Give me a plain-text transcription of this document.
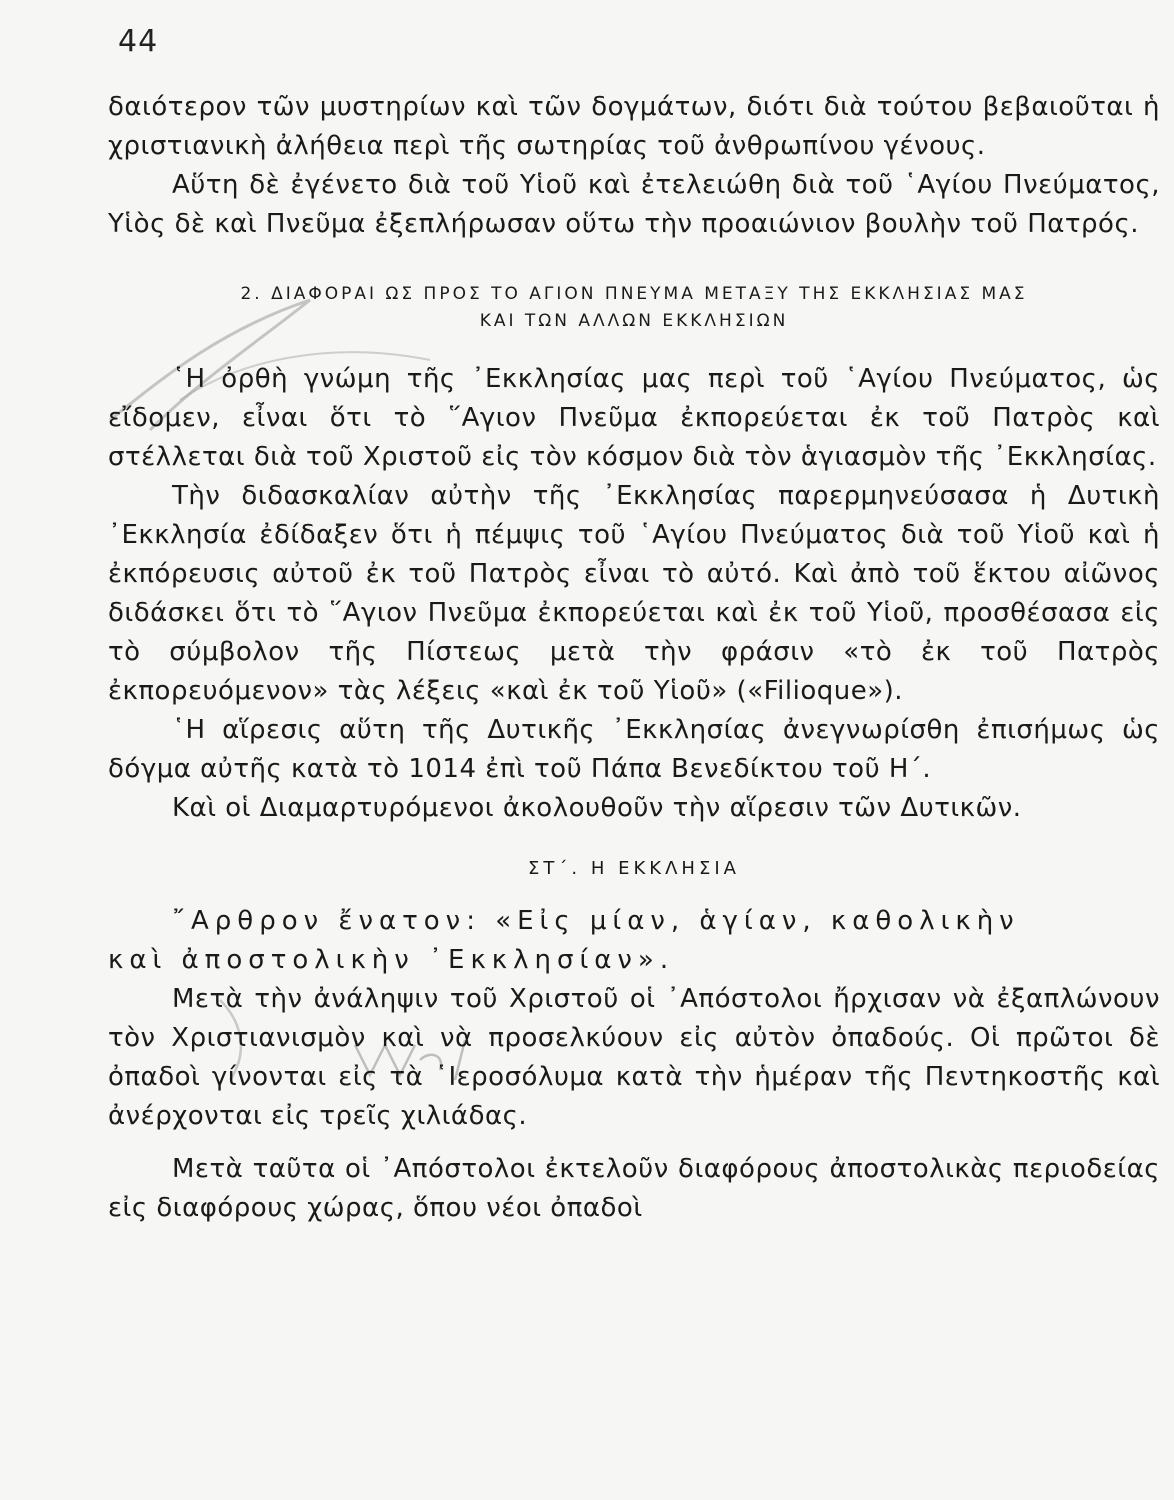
44

δαιότερον τῶν μυστηρίων καὶ τῶν δογμάτων, διότι διὰ τούτου βεβαιοῦται ἡ χριστιανικὴ ἀλήθεια περὶ τῆς σωτηρίας τοῦ ἀνθρωπίνου γένους.

Αὕτη δὲ ἐγένετο διὰ τοῦ Υἱοῦ καὶ ἐτελειώθη διὰ τοῦ ῾Αγίου Πνεύματος, Υἱὸς δὲ καὶ Πνεῦμα ἐξεπλήρωσαν οὕτω τὴν προαιώνιον βουλὴν τοῦ Πατρός.

2. ΔΙΑΦΟΡΑΙ ΩΣ ΠΡΟΣ ΤΟ ΑΓΙΟΝ ΠΝΕΥΜΑ ΜΕΤΑΞΥ ΤΗΣ ΕΚΚΛΗΣΙΑΣ ΜΑΣ
ΚΑΙ ΤΩΝ ΑΛΛΩΝ ΕΚΚΛΗΣΙΩΝ

῾Η ὀρθὴ γνώμη τῆς ᾿Εκκλησίας μας περὶ τοῦ ῾Αγίου Πνεύματος, ὡς εἴδομεν, εἶναι ὅτι τὸ ῞Αγιον Πνεῦμα ἐκπορεύεται ἐκ τοῦ Πατρὸς καὶ στέλλεται διὰ τοῦ Χριστοῦ εἰς τὸν κόσμον διὰ τὸν ἁγιασμὸν τῆς ᾿Εκκλησίας.

Τὴν διδασκαλίαν αὐτὴν τῆς ᾿Εκκλησίας παρερμηνεύσασα ἡ Δυτικὴ ᾿Εκκλησία ἐδίδαξεν ὅτι ἡ πέμψις τοῦ ῾Αγίου Πνεύματος διὰ τοῦ Υἱοῦ καὶ ἡ ἐκπόρευσις αὐτοῦ ἐκ τοῦ Πατρὸς εἶναι τὸ αὐτό. Καὶ ἀπὸ τοῦ ἕκτου αἰῶνος διδάσκει ὅτι τὸ ῞Αγιον Πνεῦμα ἐκπορεύεται καὶ ἐκ τοῦ Υἱοῦ, προσθέσασα εἰς τὸ σύμβολον τῆς Πίστεως μετὰ τὴν φράσιν «τὸ ἐκ τοῦ Πατρὸς ἐκπορευόμενον» τὰς λέξεις «καὶ ἐκ τοῦ Υἱοῦ» («Filioque»).

῾Η αἵρεσις αὕτη τῆς Δυτικῆς ᾿Εκκλησίας ἀνεγνωρίσθη ἐπισήμως ὡς δόγμα αὐτῆς κατὰ τὸ 1014 ἐπὶ τοῦ Πάπα Βενεδίκτου τοῦ Η΄.

Καὶ οἱ Διαμαρτυρόμενοι ἀκολουθοῦν τὴν αἵρεσιν τῶν Δυτικῶν.

ΣΤ΄. Η ΕΚΚΛΗΣΙΑ

῎Αρθρον ἔνατον: «Εἰς μίαν, ἁγίαν, καθολικὴν

καὶ ἀποστολικὴν ᾿Εκκλησίαν».

Μετὰ τὴν ἀνάληψιν τοῦ Χριστοῦ οἱ ᾿Απόστολοι ἤρχισαν νὰ ἐξαπλώνουν τὸν Χριστιανισμὸν καὶ νὰ προσελκύουν εἰς αὐτὸν ὀπαδούς. Οἱ πρῶτοι δὲ ὀπαδοὶ γίνονται εἰς τὰ ῾Ιεροσόλυμα κατὰ τὴν ἡμέραν τῆς Πεντηκοστῆς καὶ ἀνέρχονται εἰς τρεῖς χιλιάδας.

Μετὰ ταῦτα οἱ ᾿Απόστολοι ἐκτελοῦν διαφόρους ἀποστολικὰς περιοδείας εἰς διαφόρους χώρας, ὅπου νέοι ὀπαδοὶ
